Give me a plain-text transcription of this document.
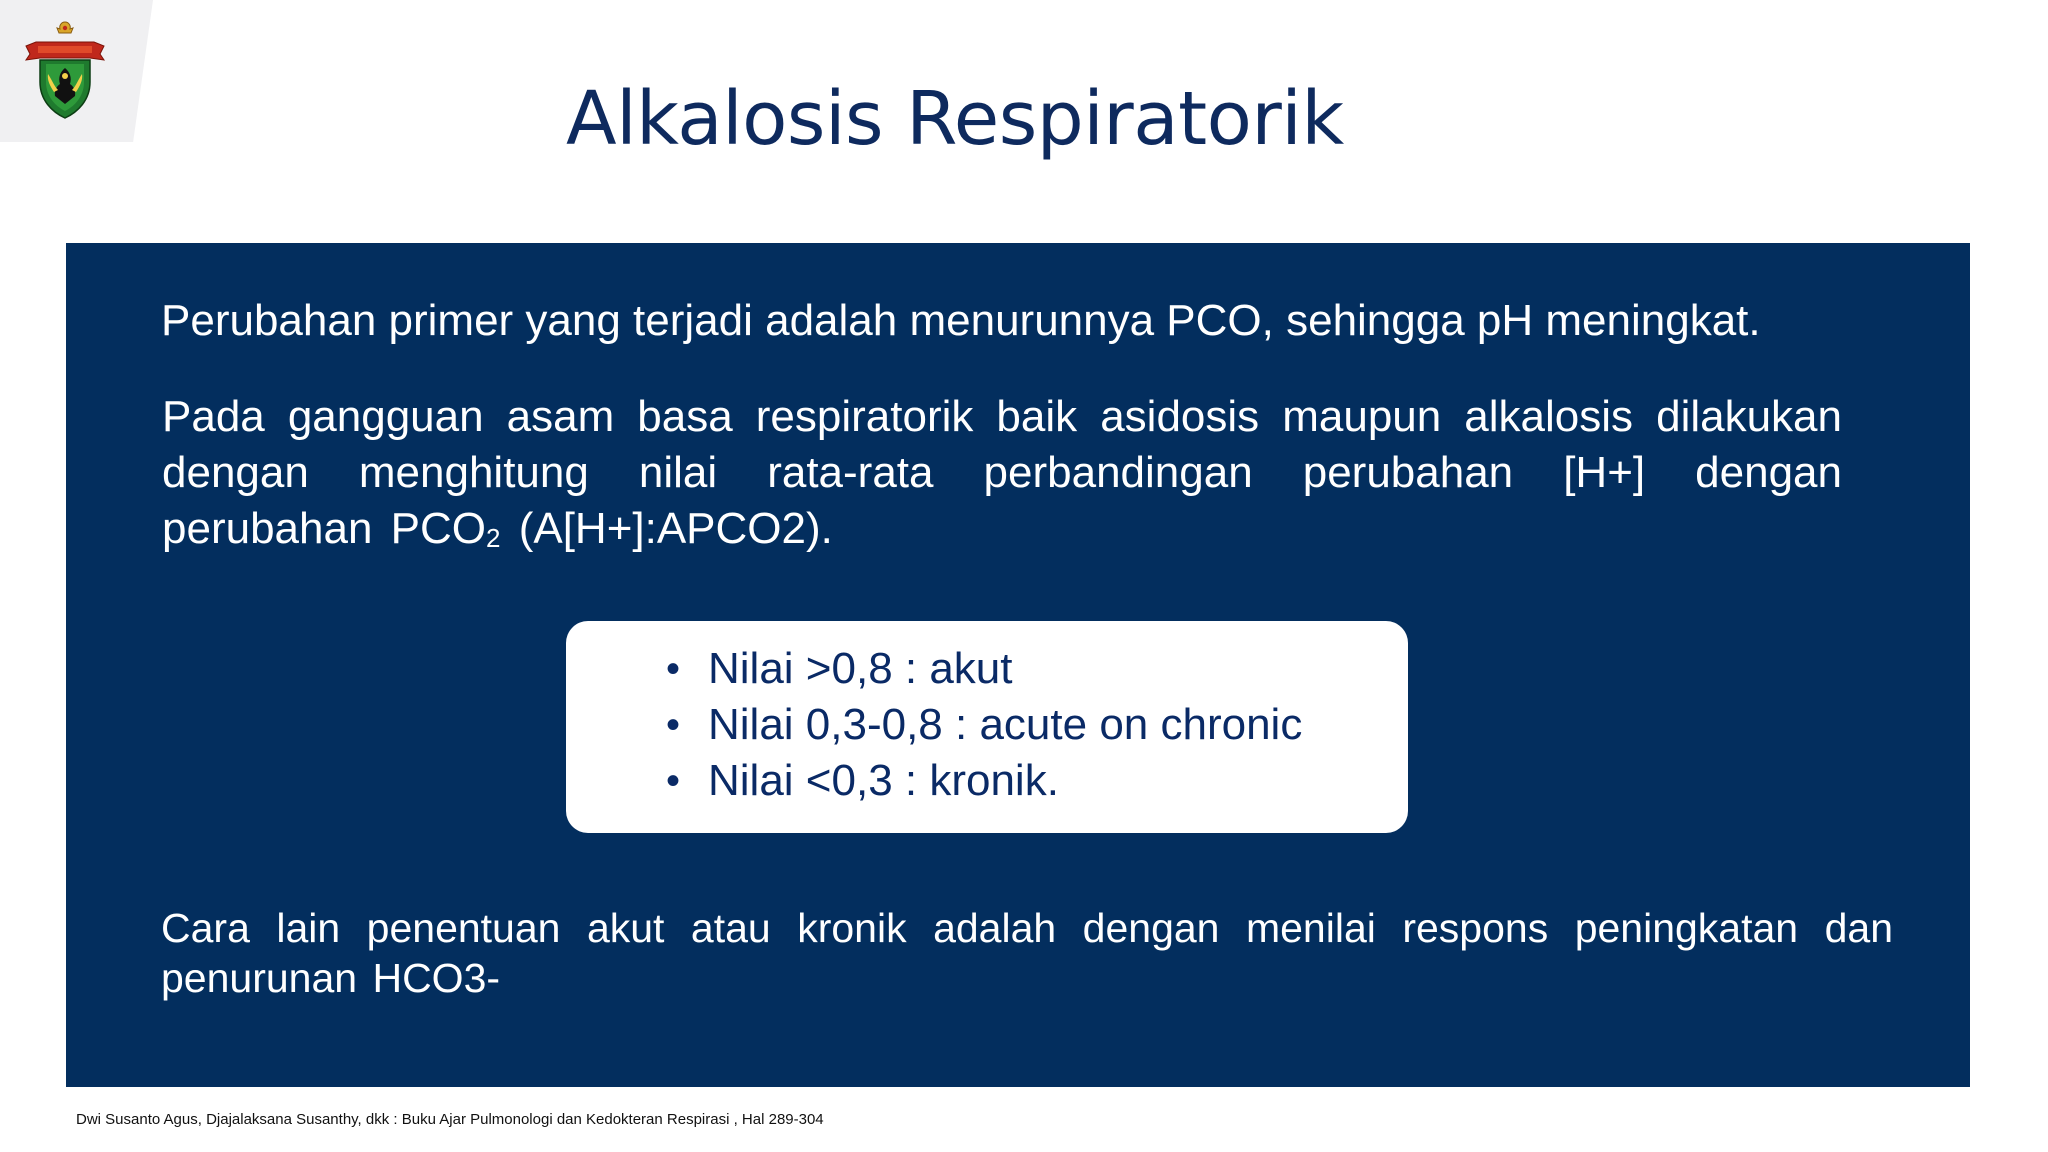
Alkalosis Respiratorik

Perubahan primer yang terjadi adalah menurunnya PCO, sehingga pH meningkat.

Pada gangguan asam basa respiratorik baik asidosis maupun alkalosis dilakukan dengan menghitung nilai rata-rata perbandingan perubahan [H+] dengan perubahan $PCO_2$ (A[H+]:APCO2).

• Nilai >0,8 : akut
• Nilai 0,3-0,8 : acute on chronic
• Nilai <0,3 : kronik.

Cara lain penentuan akut atau kronik adalah dengan menilai respons peningkatan dan penurunan HCO3-

Dwi Susanto Agus, Djajalaksana Susanthy, dkk : Buku Ajar Pulmonologi dan Kedokteran Respirasi , Hal 289-304
